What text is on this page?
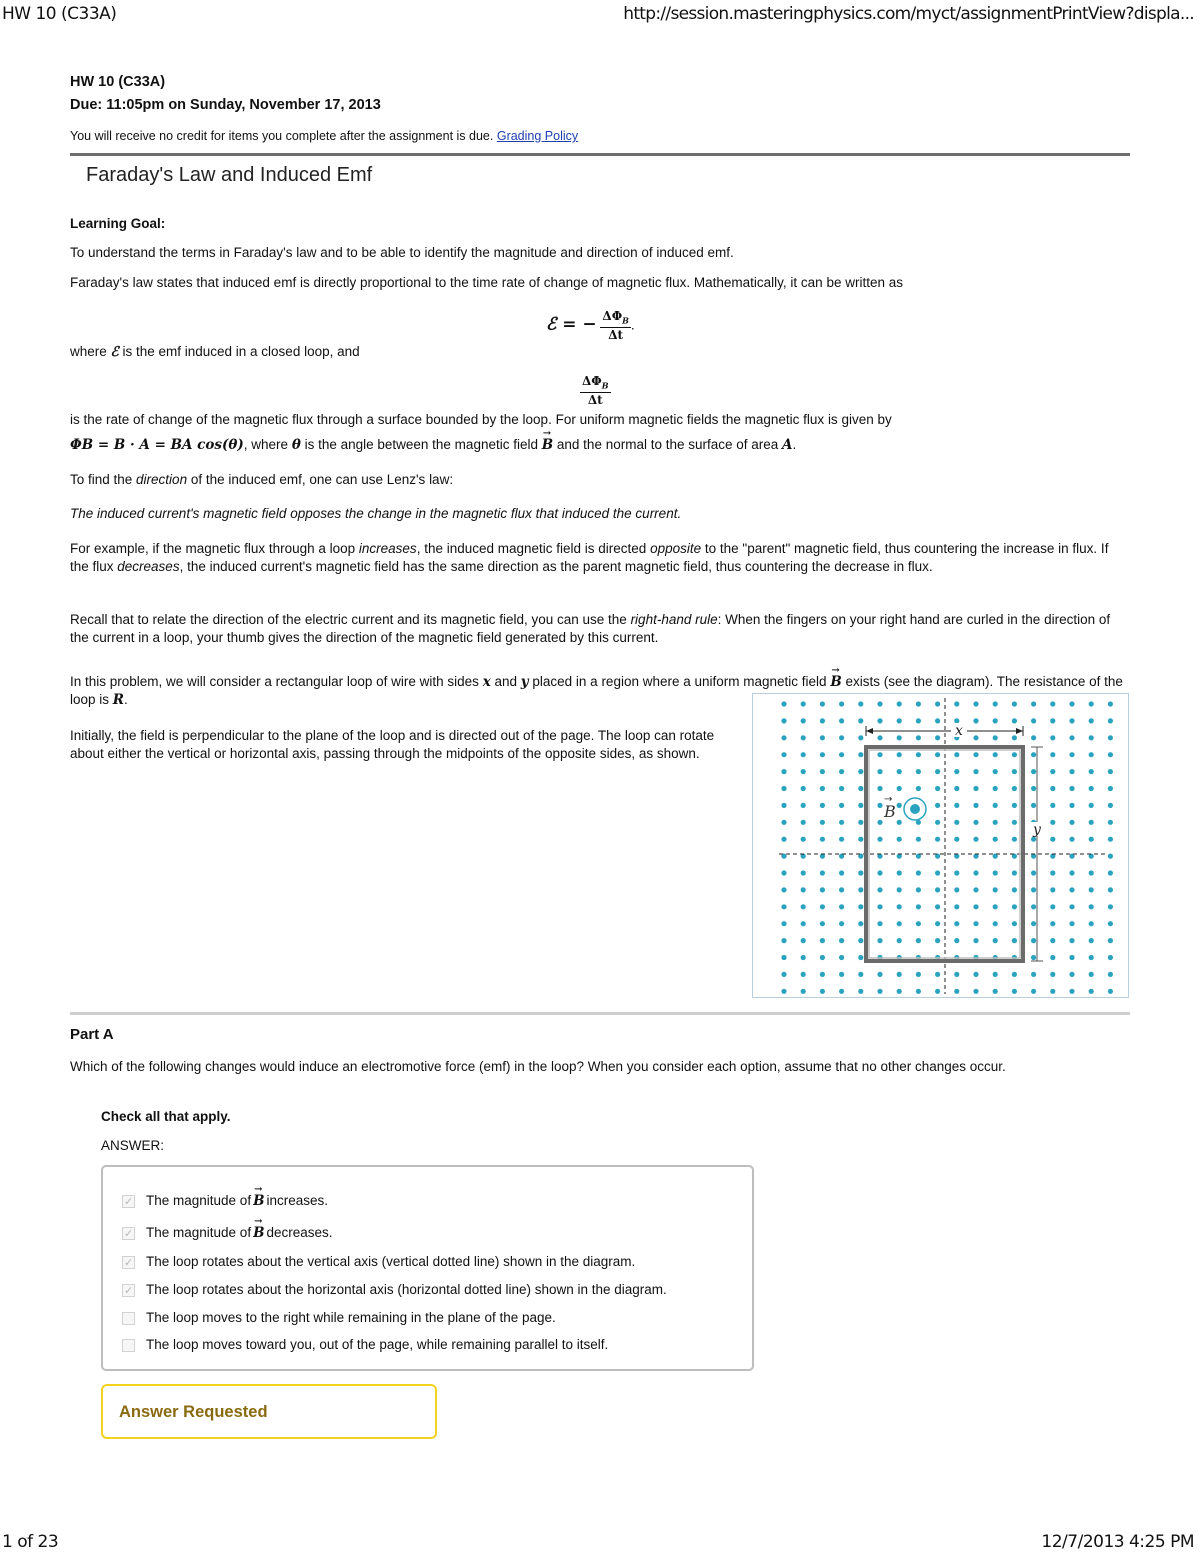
HW 10 (C33A)	http://session.masteringphysics.com/myct/assignmentPrintView?displa...
HW 10 (C33A)
Due: 11:05pm on Sunday, November 17, 2013
You will receive no credit for items you complete after the assignment is due. Grading Policy
Faraday's Law and Induced Emf
Learning Goal:

To understand the terms in Faraday's law and to be able to identify the magnitude and direction of induced emf.

Faraday's law states that induced emf is directly proportional to the time rate of change of magnetic flux. Mathematically, it can be written as

ℰ = − $\frac{\Delta\Phi_B}{\Delta t}$ .

where ℰ is the emf induced in a closed loop, and

$\frac{\Delta\Phi_B}{\Delta t}$

is the rate of change of the magnetic flux through a surface bounded by the loop. For uniform magnetic fields the magnetic flux is given by

ΦB = B · A = BA cos(θ), where θ is the angle between the magnetic field → B and the normal to the surface of area A.

To find the direction of the induced emf, one can use Lenz's law:

The induced current's magnetic field opposes the change in the magnetic flux that induced the current.

For example, if the magnetic flux through a loop increases, the induced magnetic field is directed opposite to the "parent" magnetic field, thus countering the increase in flux. If the flux decreases, the induced current's magnetic field has the same direction as the parent magnetic field, thus countering the decrease in flux.

Recall that to relate the direction of the electric current and its magnetic field, you can use the right-hand rule: When the fingers on your right hand are curled in the direction of the current in a loop, your thumb gives the direction of the magnetic field generated by this current.

In this problem, we will consider a rectangular loop of wire with sides x and y placed in a region where a uniform magnetic field → B exists (see the diagram). The resistance of the loop is R.

Initially, the field is perpendicular to the plane of the loop and is directed out of the page. The loop can rotate about either the vertical or horizontal axis, passing through the midpoints of the opposite sides, as shown.

x
y
B
→
Part A

Which of the following changes would induce an electromotive force (emf) in the loop? When you consider each option, assume that no other changes occur.

Check all that apply.
ANSWER:
✓
The magnitude of → B increases.
✓
The magnitude of → B decreases.
✓
The loop rotates about the vertical axis (vertical dotted line) shown in the diagram.
✓
The loop rotates about the horizontal axis (horizontal dotted line) shown in the diagram.
The loop moves to the right while remaining in the plane of the page.
The loop moves toward you, out of the page, while remaining parallel to itself.
Answer Requested
1 of 23	12/7/2013 4:25 PM
